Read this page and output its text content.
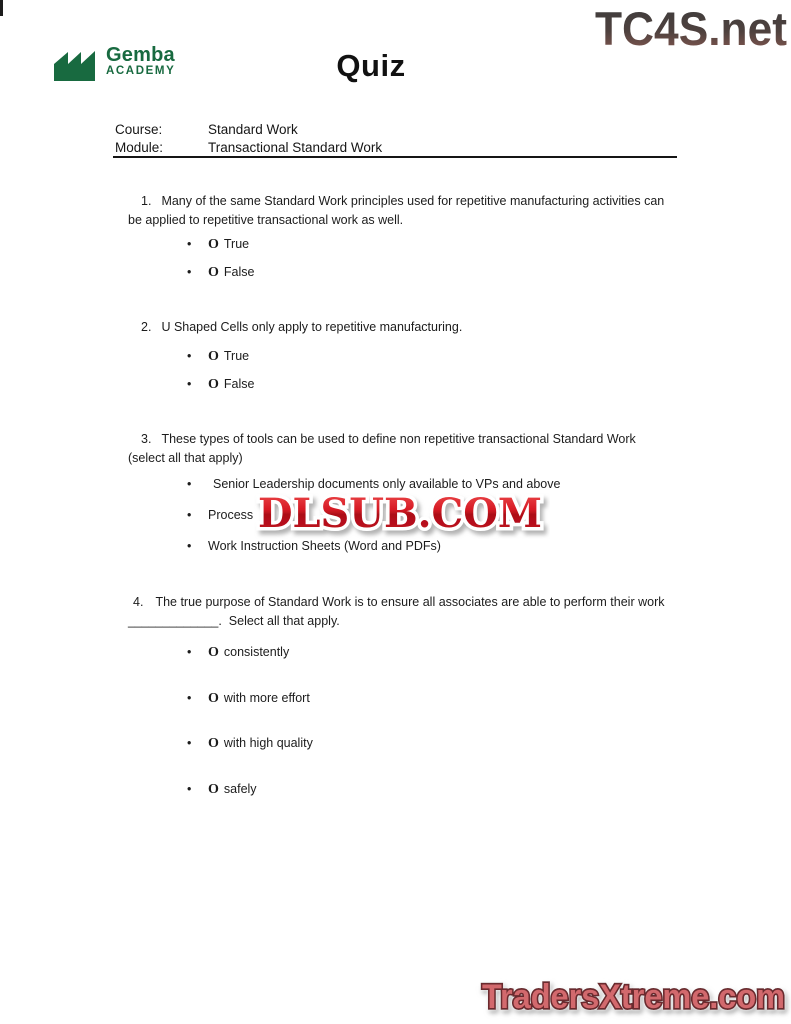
Gemba
ACADEMY	Quiz
TC4S.net
Course:	Standard Work
Module:	Transactional Standard Work
1. Many of the same Standard Work principles used for repetitive manufacturing activities can
be applied to repetitive transactional work as well.
• O True
• O False
2. U Shaped Cells only apply to repetitive manufacturing.
• O True
• O False
3. These types of tools can be used to define non repetitive transactional Standard Work
(select all that apply)
• Senior Leadership documents only available to VPs and above
• Process
• Work Instruction Sheets (Word and PDFs)
DLSUB.COM
4. The true purpose of Standard Work is to ensure all associates are able to perform their work
_____________.  Select all that apply.
• O consistently
• O with more effort
• O with high quality
• O safely
TradersXtreme.com
